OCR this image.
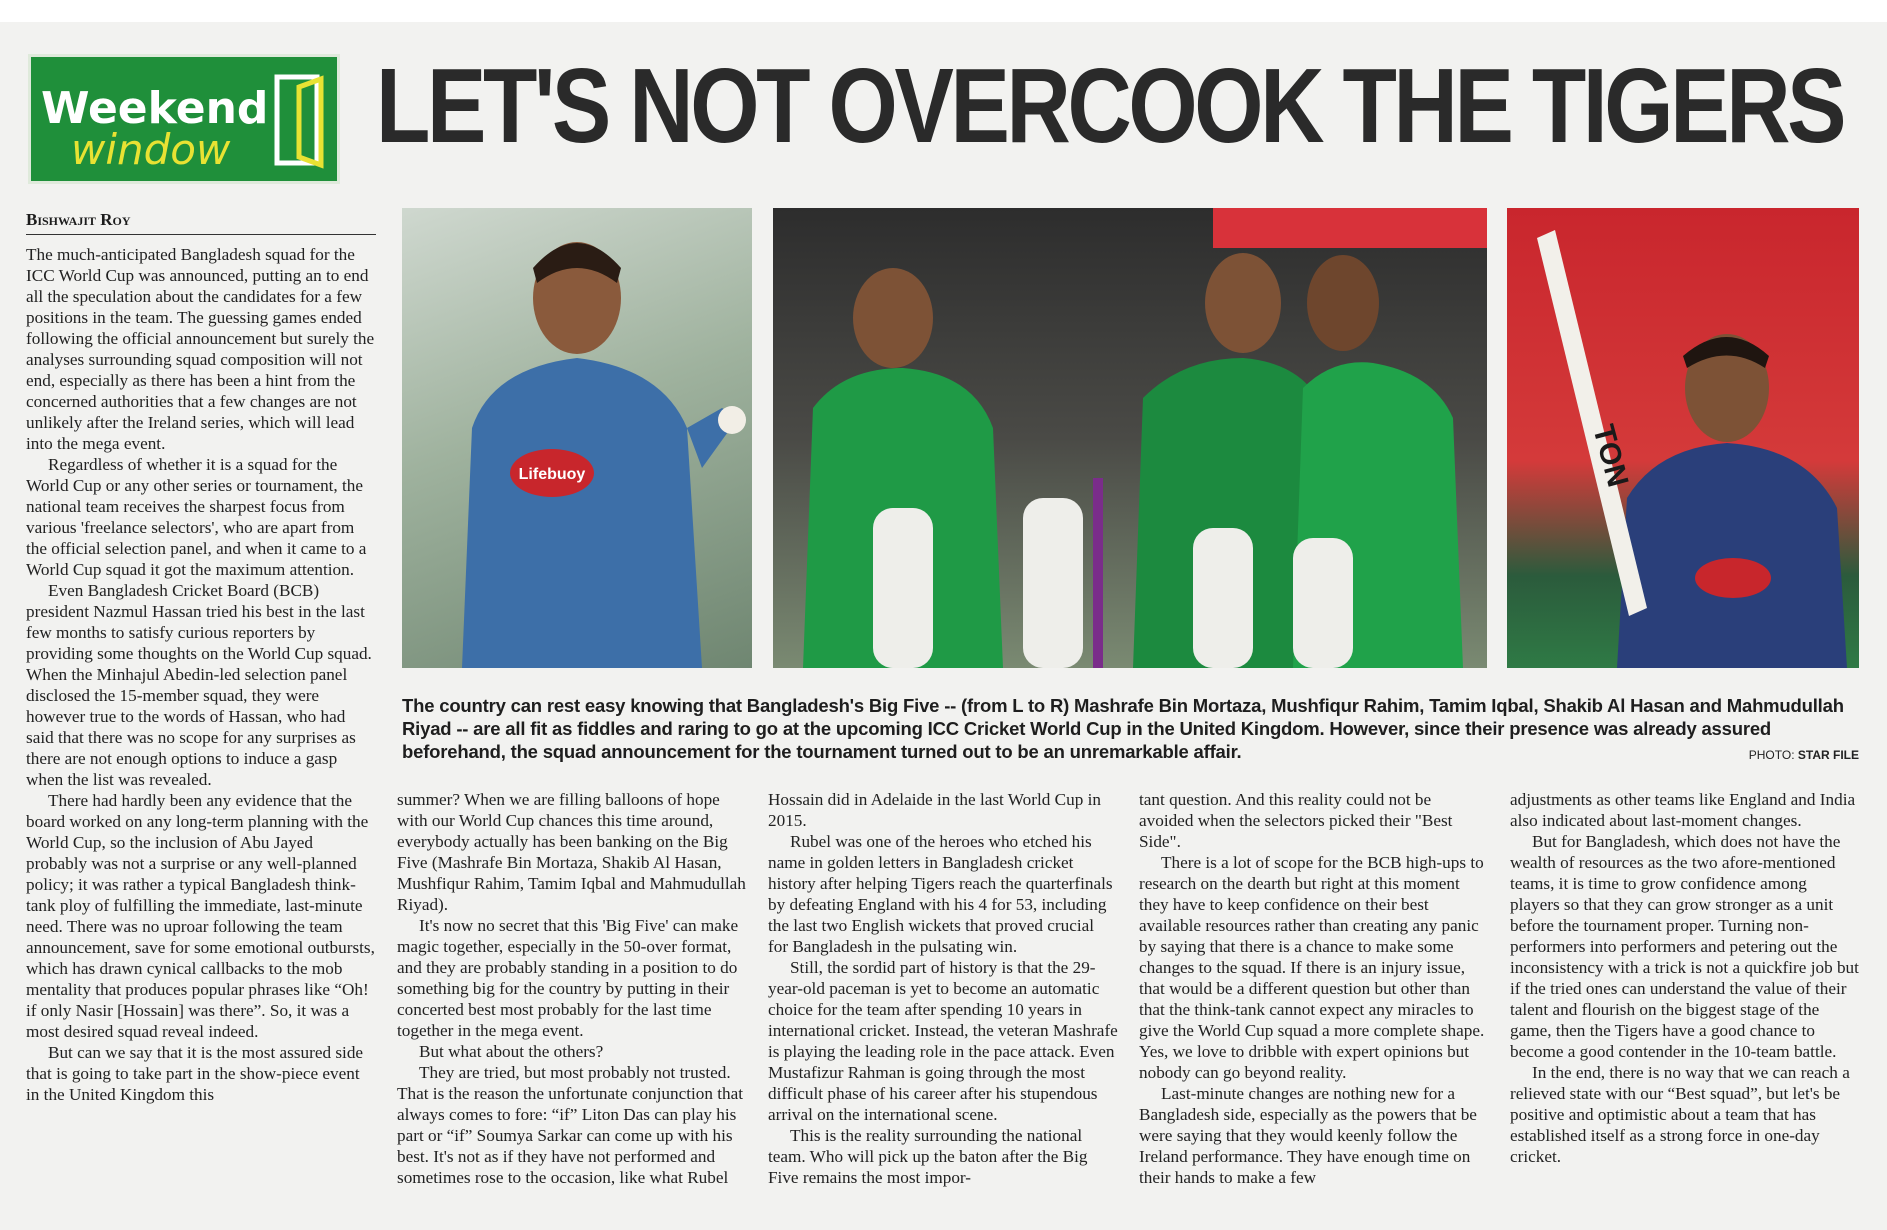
Weekend
window LET'S NOT OVERCOOK THE TIGERS
Bishwajit Roy

The much-anticipated Bangladesh squad for the ICC World Cup was announced, putting an to end all the speculation about the candidates for a few positions in the team. The guessing games ended following the official announcement but surely the analyses surrounding squad composition will not end, especially as there has been a hint from the concerned authorities that a few changes are not unlikely after the Ireland series, which will lead into the mega event.

Regardless of whether it is a squad for the World Cup or any other series or tournament, the national team receives the sharpest focus from various 'freelance selectors', who are apart from the official selection panel, and when it came to a World Cup squad it got the maximum attention.

Even Bangladesh Cricket Board (BCB) president Nazmul Hassan tried his best in the last few months to satisfy curious reporters by providing some thoughts on the World Cup squad. When the Minhajul Abedin-led selection panel disclosed the 15-member squad, they were however true to the words of Hassan, who had said that there was no scope for any surprises as there are not enough options to induce a gasp when the list was revealed.

There had hardly been any evidence that the board worked on any long-term planning with the World Cup, so the inclusion of Abu Jayed probably was not a surprise or any well-planned policy; it was rather a typical Bangladesh think-tank ploy of fulfilling the immediate, last-minute need. There was no uproar following the team announcement, save for some emotional outbursts, which has drawn cynical callbacks to the mob mentality that produces popular phrases like “Oh! if only Nasir [Hossain] was there”. So, it was a most desired squad reveal indeed.

But can we say that it is the most assured side that is going to take part in the show-piece event in the United Kingdom this

Lifebuoy	TON
The country can rest easy knowing that Bangladesh's Big Five -- (from L to R) Mashrafe Bin Mortaza, Mushfiqur Rahim, Tamim Iqbal, Shakib Al Hasan and Mahmudullah Riyad -- are all fit as fiddles and raring to go at the upcoming ICC Cricket World Cup in the United Kingdom. However, since their presence was already assured beforehand, the squad announcement for the tournament turned out to be an unremarkable affair.	PHOTO: STAR FILE

summer? When we are filling balloons of hope with our World Cup chances this time around, everybody actually has been banking on the Big Five (Mashrafe Bin Mortaza, Shakib Al Hasan, Mushfiqur Rahim, Tamim Iqbal and Mahmudullah Riyad).

It's now no secret that this 'Big Five' can make magic together, especially in the 50-over format, and they are probably standing in a position to do something big for the country by putting in their concerted best most probably for the last time together in the mega event.

But what about the others?

They are tried, but most probably not trusted. That is the reason the unfortunate conjunction that always comes to fore: “if” Liton Das can play his part or “if” Soumya Sarkar can come up with his best. It's not as if they have not performed and sometimes rose to the occasion, like what Rubel

Hossain did in Adelaide in the last World Cup in 2015.

Rubel was one of the heroes who etched his name in golden letters in Bangladesh cricket history after helping Tigers reach the quarterfinals by defeating England with his 4 for 53, including the last two English wickets that proved crucial for Bangladesh in the pulsating win.

Still, the sordid part of history is that the 29-year-old paceman is yet to become an automatic choice for the team after spending 10 years in international cricket. Instead, the veteran Mashrafe is playing the leading role in the pace attack. Even Mustafizur Rahman is going through the most difficult phase of his career after his stupendous arrival on the international scene.

This is the reality surrounding the national team. Who will pick up the baton after the Big Five remains the most impor-

tant question. And this reality could not be avoided when the selectors picked their "Best Side".

There is a lot of scope for the BCB high-ups to research on the dearth but right at this moment they have to keep confidence on their best available resources rather than creating any panic by saying that there is a chance to make some changes to the squad. If there is an injury issue, that would be a different question but other than that the think-tank cannot expect any miracles to give the World Cup squad a more complete shape. Yes, we love to dribble with expert opinions but nobody can go beyond reality.

Last-minute changes are nothing new for a Bangladesh side, especially as the powers that be were saying that they would keenly follow the Ireland performance. They have enough time on their hands to make a few

adjustments as other teams like England and India also indicated about last-moment changes.

But for Bangladesh, which does not have the wealth of resources as the two afore-mentioned teams, it is time to grow confidence among players so that they can grow stronger as a unit before the tournament proper. Turning non-performers into performers and petering out the inconsistency with a trick is not a quickfire job but if the tried ones can understand the value of their talent and flourish on the biggest stage of the game, then the Tigers have a good chance to become a good contender in the 10-team battle.

In the end, there is no way that we can reach a relieved state with our “Best squad”, but let's be positive and optimistic about a team that has established itself as a strong force in one-day cricket.
